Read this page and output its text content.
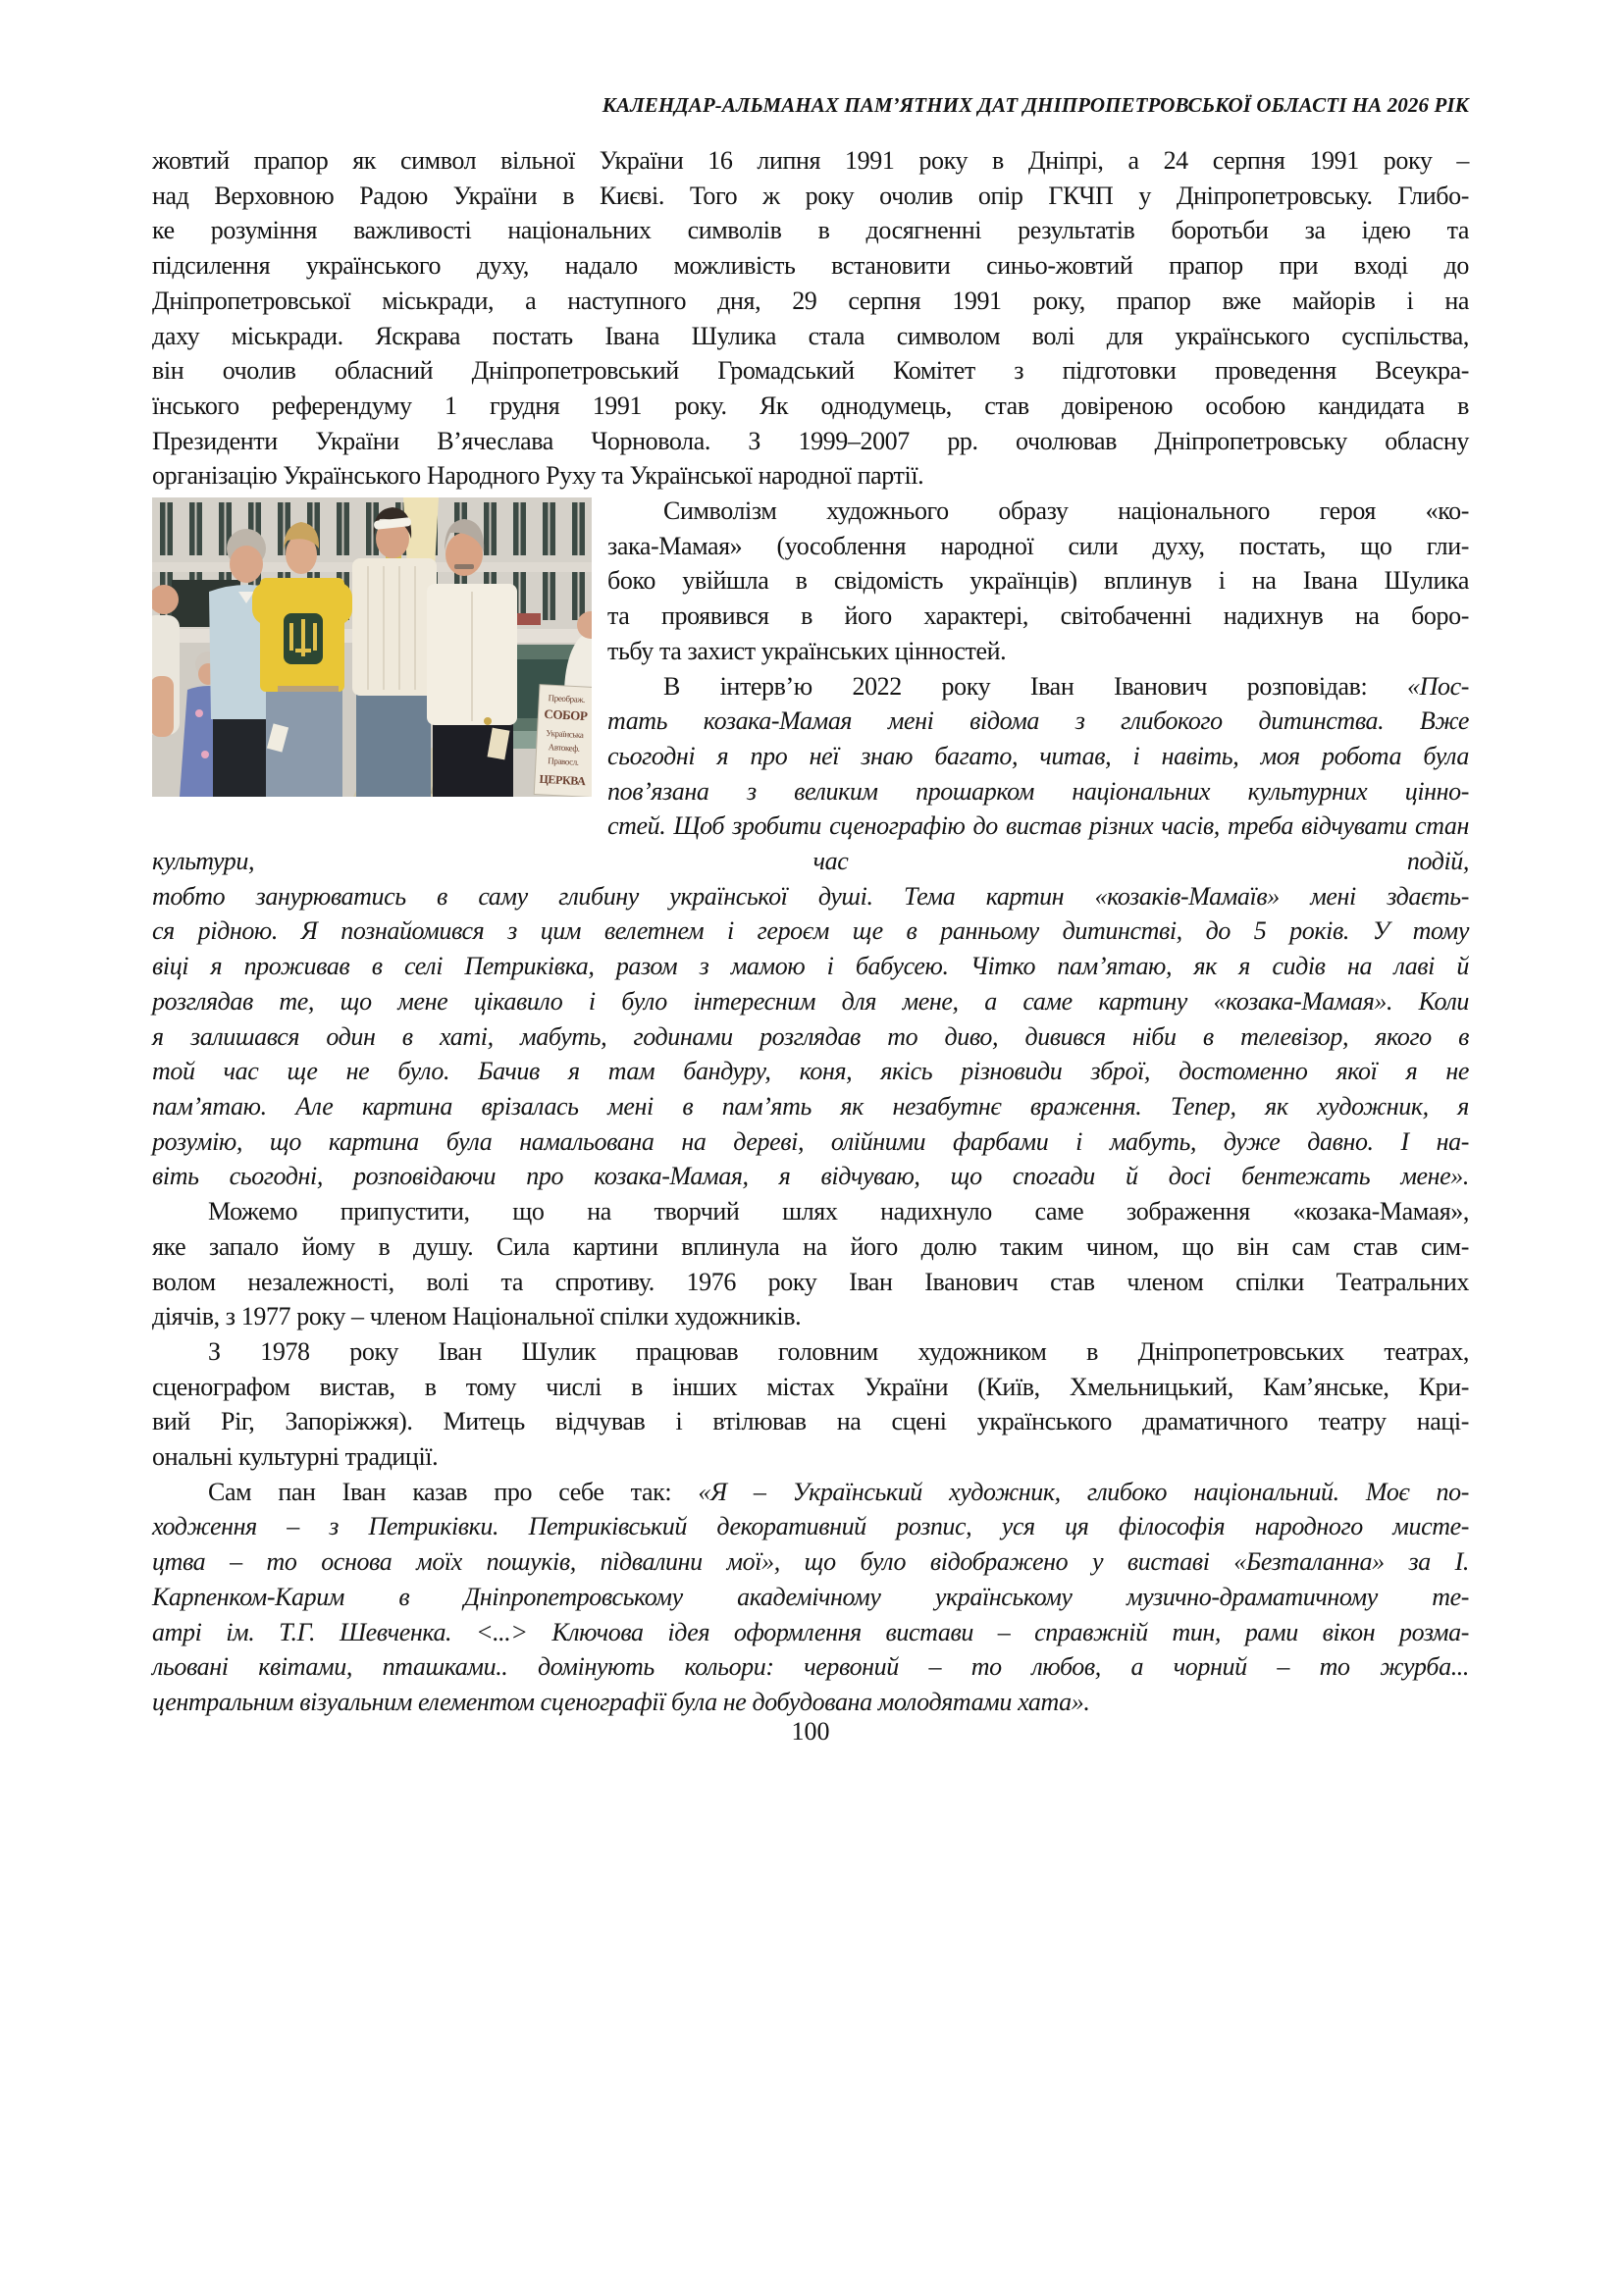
КАЛЕНДАР-АЛЬМАНАХ ПАМ’ЯТНИХ ДАТ ДНІПРОПЕТРОВСЬКОЇ ОБЛАСТІ НА 2026 РІК
жовтий прапор як символ вільної України 16 липня 1991 року в Дніпрі, а 24 серпня 1991 року –
над Верховною Радою України в Києві. Того ж року очолив опір ГКЧП у Дніпропетровську. Глибо-
ке розуміння важливості національних символів в досягненні результатів боротьби за ідею та
підсилення українського духу, надало можливість встановити синьо-жовтий прапор при вході до
Дніпропетровської міськради, а наступного дня, 29 серпня 1991 року, прапор вже майорів і на
даху міськради. Яскрава постать Івана Шулика стала символом волі для українського суспільства,
він очолив обласний Дніпропетровський Громадський Комітет з підготовки проведення Всеукра-
їнського референдуму 1 грудня 1991 року. Як однодумець, став довіреною особою кандидата в
Президенти України В’ячеслава Чорновола. З 1999–2007 рр. очолював Дніпропетровську обласну
організацію Українського Народного Руху та Української народної партії.
Преображ.
СОБОР
Українська
Автокеф.
Правосл.
ЦЕРКВА
Символізм художнього образу національного героя «ко-
зака-Мамая» (уособлення народної сили духу, постать, що гли-
боко увійшла в свідомість українців) вплинув і на Івана Шулика
та проявився в його характері, світобаченні надихнув на боро-
тьбу та захист українських цінностей.
В інтерв’ю 2022 року Іван Іванович розповідав: «Пос-
тать козака-Мамая мені відома з глибокого дитинства. Вже
сьогодні я про неї знаю багато, читав, і навіть, моя робота була
пов’язана з великим прошарком національних культурних цінно-
стей. Щоб зробити сценографію до вистав різних часів, треба відчувати стан культури, час подій,
тобто занурюватись в саму глибину української душі. Тема картин «козаків-Мамаїв» мені здаєть-
ся рідною. Я познайомився з цим велетнем і героєм ще в ранньому дитинстві, до 5 років. У тому
віці я проживав в селі Петриківка, разом з мамою і бабусею. Чітко пам’ятаю, як я сидів на лаві й
розглядав те, що мене цікавило і було інтересним для мене, а саме картину «козака-Мамая». Коли
я залишався один в хаті, мабуть, годинами розглядав то диво, дивився ніби в телевізор, якого в
той час ще не було. Бачив я там бандуру, коня, якісь різновиди зброї, достоменно якої я не
пам’ятаю. Але картина врізалась мені в пам’ять як незабутнє враження. Тепер, як художник, я
розумію, що картина була намальована на дереві, олійними фарбами і мабуть, дуже давно. І на-
віть сьогодні, розповідаючи про козака-Мамая, я відчуваю, що спогади й досі бентежать мене».
Можемо припустити, що на творчий шлях надихнуло саме зображення «козака-Мамая»,
яке запало йому в душу. Сила картини вплинула на його долю таким чином, що він сам став сим-
волом незалежності, волі та спротиву. 1976 року Іван Іванович став членом спілки Театральних
діячів, з 1977 року – членом Національної спілки художників.
З 1978 року Іван Шулик працював головним художником в Дніпропетровських театрах,
сценографом вистав, в тому числі в інших містах України (Київ, Хмельницький, Кам’янське, Кри-
вий Ріг, Запоріжжя). Митець відчував і втілював на сцені українського драматичного театру наці-
ональні культурні традиції.
Сам пан Іван казав про себе так: «Я – Український художник, глибоко національний. Моє по-
ходження – з Петриківки. Петриківський декоративний розпис, уся ця філософія народного мисте-
цтва – то основа моїх пошуків, підвалини мої», що було відображено у виставі «Безталанна» за І.
Карпенком-Карим в Дніпропетровському академічному українському музично-драматичному те-
атрі ім. Т.Г. Шевченка. <...> Ключова ідея оформлення вистави – справжній тин, рами вікон розма-
льовані квітами, пташками.. домінують кольори: червоний – то любов, а чорний – то журба...
центральним візуальним елементом сценографії була не добудована молодятами хата».
100
